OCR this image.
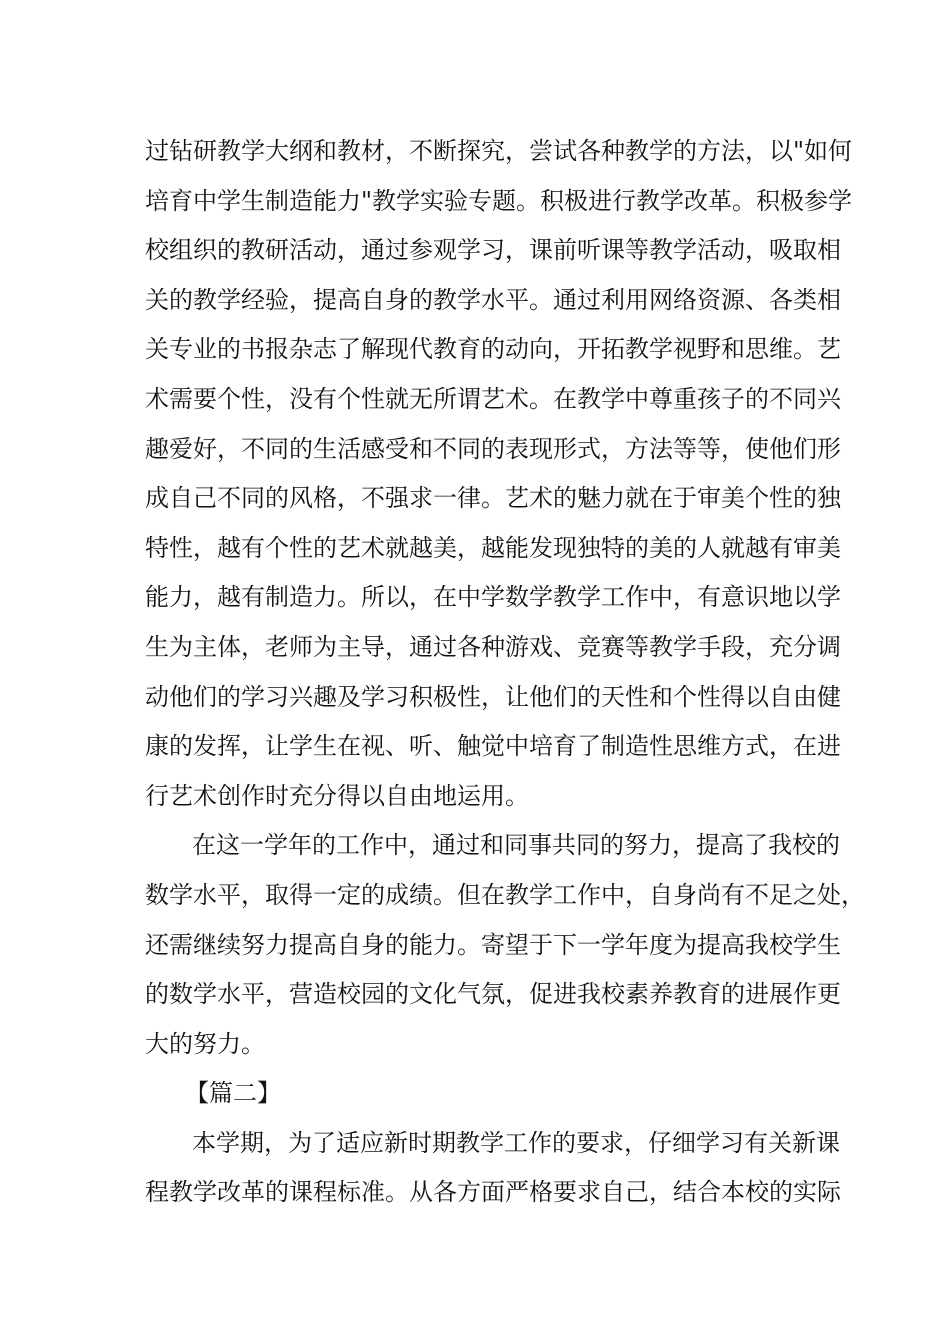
过钻研教学大纲和教材，不断探究，尝试各种教学的方法，以"如何
培育中学生制造能力"教学实验专题。积极进行教学改革。积极参学
校组织的教研活动，通过参观学习，课前听课等教学活动，吸取相
关的教学经验，提高自身的教学水平。通过利用网络资源、各类相
关专业的书报杂志了解现代教育的动向，开拓教学视野和思维。艺
术需要个性，没有个性就无所谓艺术。在教学中尊重孩子的不同兴
趣爱好，不同的生活感受和不同的表现形式，方法等等，使他们形
成自己不同的风格，不强求一律。艺术的魅力就在于审美个性的独
特性，越有个性的艺术就越美，越能发现独特的美的人就越有审美
能力，越有制造力。所以，在中学数学教学工作中，有意识地以学
生为主体，老师为主导，通过各种游戏、竞赛等教学手段，充分调
动他们的学习兴趣及学习积极性，让他们的天性和个性得以自由健
康的发挥，让学生在视、听、触觉中培育了制造性思维方式，在进
行艺术创作时充分得以自由地运用。
在这一学年的工作中，通过和同事共同的努力，提高了我校的
数学水平，取得一定的成绩。但在教学工作中，自身尚有不足之处，
还需继续努力提高自身的能力。寄望于下一学年度为提高我校学生
的数学水平，营造校园的文化气氛，促进我校素养教育的进展作更
大的努力。
【篇二】
本学期，为了适应新时期教学工作的要求，仔细学习有关新课
程教学改革的课程标准。从各方面严格要求自己，结合本校的实际
